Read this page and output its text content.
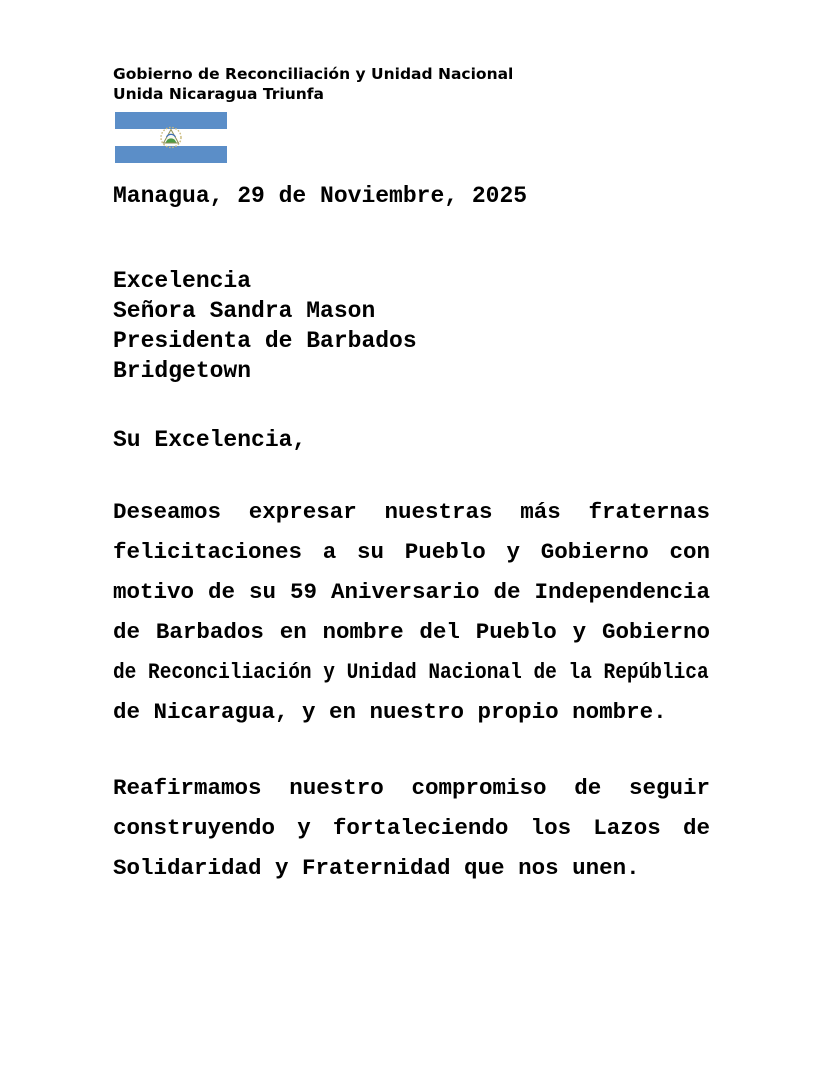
Gobierno de Reconciliación y Unidad Nacional
Unida Nicaragua Triunfa
Managua, 29 de Noviembre, 2025
Excelencia
Señora Sandra Mason
Presidenta de Barbados
Bridgetown
Su Excelencia,
Deseamos expresar nuestras más fraternas
felicitaciones a su Pueblo y Gobierno con
motivo de su 59 Aniversario de Independencia
de Barbados en nombre del Pueblo y Gobierno
de Reconciliación y Unidad Nacional de la República
de Nicaragua, y en nuestro propio nombre.
Reafirmamos nuestro compromiso de seguir
construyendo y fortaleciendo los Lazos de
Solidaridad y Fraternidad que nos unen.
